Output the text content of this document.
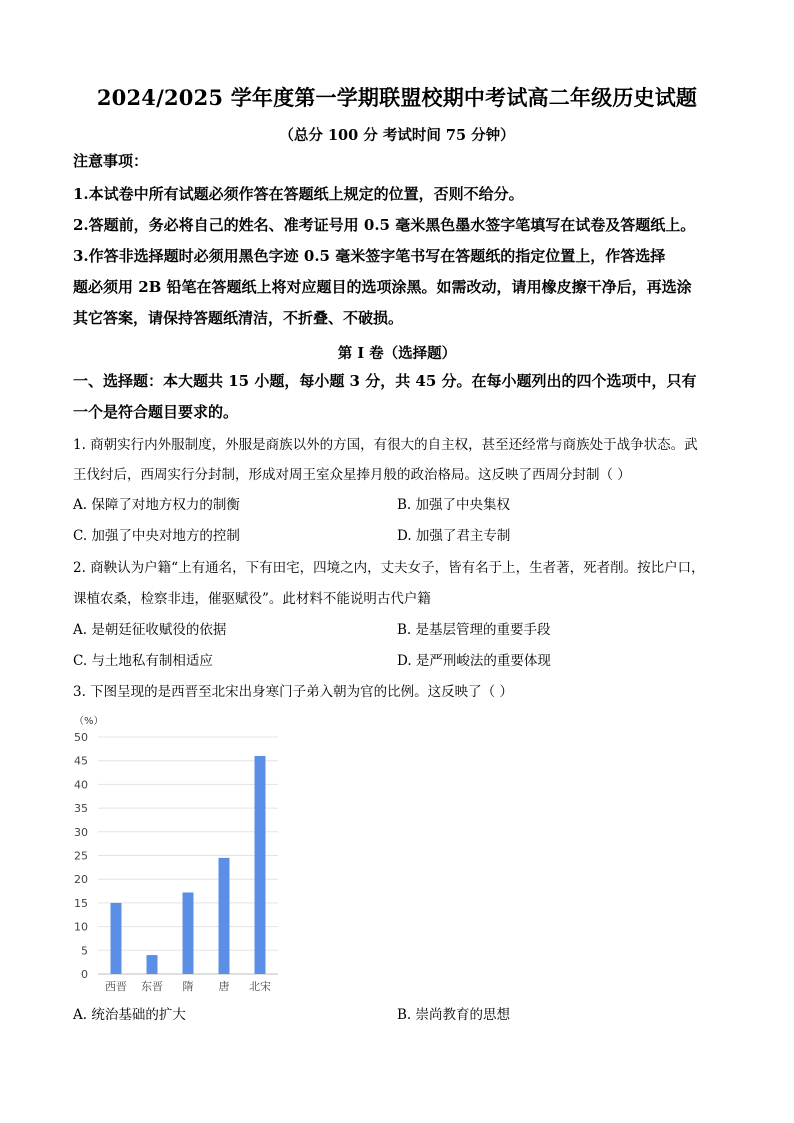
2024/2025 学年度第一学期联盟校期中考试高二年级历史试题
（总分 100 分 考试时间 75 分钟）
注意事项：
1.本试卷中所有试题必须作答在答题纸上规定的位置，否则不给分。
2.答题前，务必将自己的姓名、准考证号用 0.5 毫米黑色墨水签字笔填写在试卷及答题纸上。
3.作答非选择题时必须用黑色字迹 0.5 毫米签字笔书写在答题纸的指定位置上，作答选择
题必须用 2B 铅笔在答题纸上将对应题目的选项涂黑。如需改动，请用橡皮擦干净后，再选涂
其它答案，请保持答题纸清洁，不折叠、不破损。
第 I 卷（选择题）
一、选择题：本大题共 15 小题，每小题 3 分，共 45 分。在每小题列出的四个选项中，只有
一个是符合题目要求的。
1. 商朝实行内外服制度，外服是商族以外的方国，有很大的自主权，甚至还经常与商族处于战争状态。武
王伐纣后，西周实行分封制，形成对周王室众星捧月般的政治格局。这反映了西周分封制（ ）
A. 保障了对地方权力的制衡	B. 加强了中央集权
C. 加强了中央对地方的控制	D. 加强了君主专制
2. 商鞅认为户籍“上有通名，下有田宅，四境之内，丈夫女子，皆有名于上，生者著，死者削。按比户口，
课植农桑，检察非违，催驱赋役”。此材料不能说明古代户籍
A. 是朝廷征收赋役的依据	B. 是基层管理的重要手段
C. 与土地私有制相适应	D. 是严刑峻法的重要体现
3. 下图呈现的是西晋至北宋出身寒门子弟入朝为官的比例。这反映了（ ）
（%）
0
5
10
15
20
25
30
35
40
45
50
西晋 东晋 隋 唐 北宋
A. 统治基础的扩大	B. 崇尚教育的思想
